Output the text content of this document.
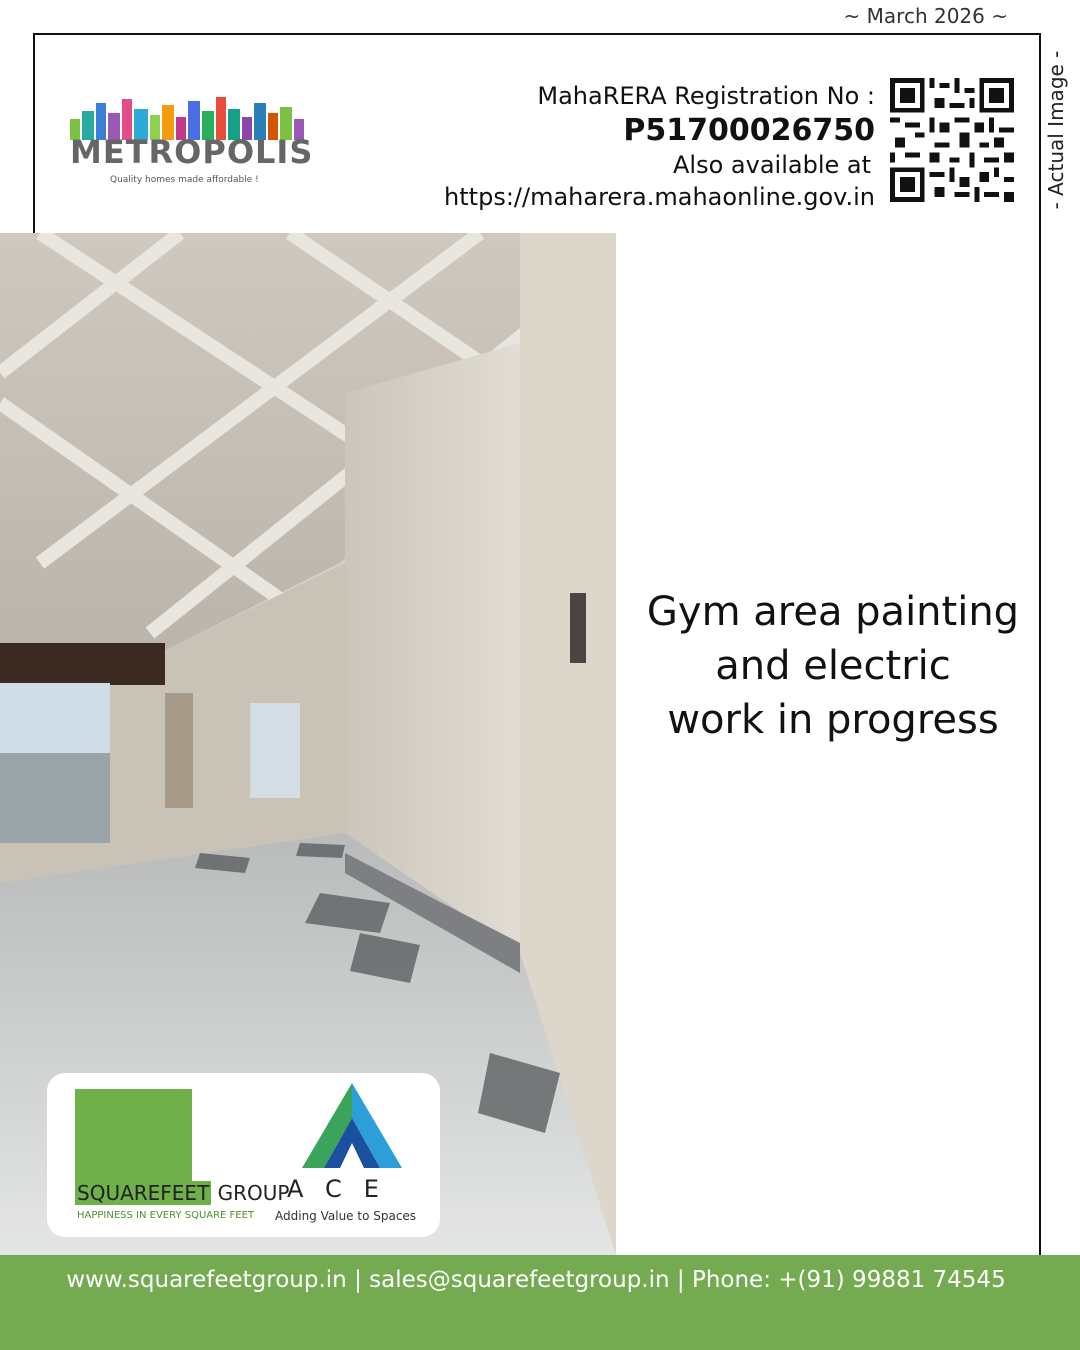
~ March 2026 ~
- Actual Image -
METROPOLIS
Quality homes made affordable !
MahaRERA Registration No :
P51700026750
Also available at
https://maharera.mahaonline.gov.in
Gym area painting
and electric
work in progress
SQUAREFEET GROUP
HAPPINESS IN EVERY SQUARE FEET
ACE
Adding Value to Spaces
www.squarefeetgroup.in | sales@squarefeetgroup.in | Phone: +(91) 99881 74545
